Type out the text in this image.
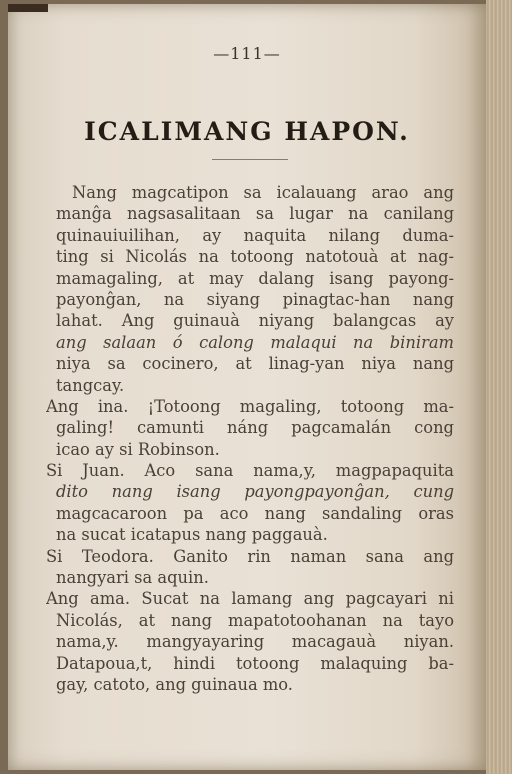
—111—
ICALIMANG HAPON.
Nang magcatipon sa icalauang arao ang
manĝa nagsasalitaan sa lugar na canilang
quinauiuilihan, ay naquita nilang duma-
ting si Nicolás na totoong natotouà at nag-
mamagaling, at may dalang isang payong-
payonĝan, na siyang pinagtac-han nang
lahat. Ang guinauà niyang balangcas ay
ang salaan ó calong malaqui na biniram
niya sa cocinero, at linag-yan niya nang
tangcay.
Ang ina. ¡Totoong magaling, totoong ma-
galing! camunti náng pagcamalán cong
icao ay si Robinson.
Si Juan. Aco sana nama,y, magpapaquita
dito nang isang payongpayonĝan, cung
magcacaroon pa aco nang sandaling oras
na sucat icatapus nang paggauà.
Si Teodora. Ganito rin naman sana ang
nangyari sa aquin.
Ang ama. Sucat na lamang ang pagcayari ni
Nicolás, at nang mapatotoohanan na tayo
nama,y. mangyayaring macagauà niyan.
Datapoua,t, hindi totoong malaquing ba-
gay, catoto, ang guinaua mo.
